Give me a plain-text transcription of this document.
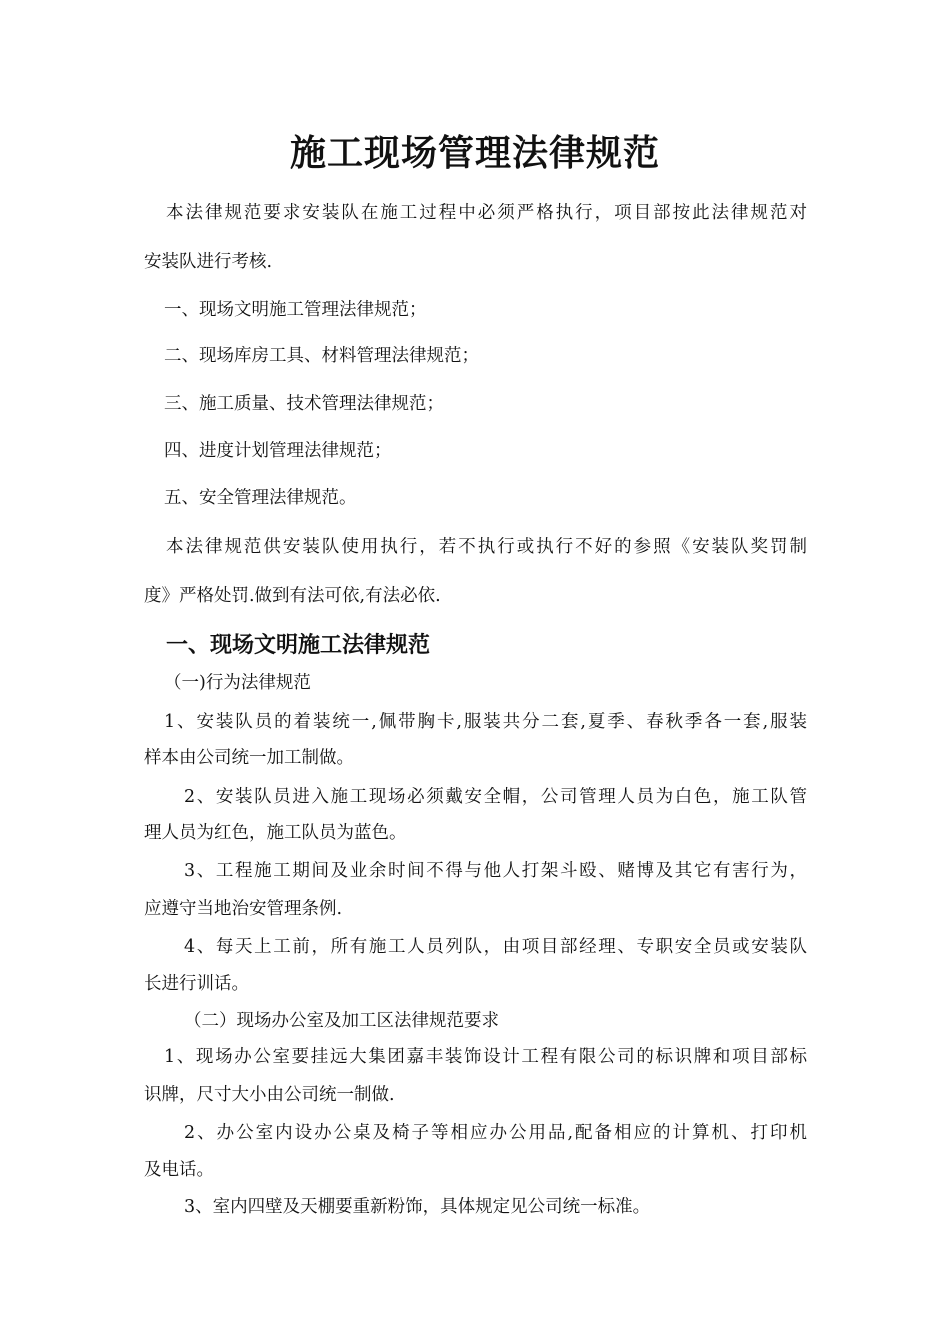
施工现场管理法律规范

本法律规范要求安装队在施工过程中必须严格执行，项目部按此法律规范对

安装队进行考核.

一、现场文明施工管理法律规范；

二、现场库房工具、材料管理法律规范；

三、施工质量、技术管理法律规范；

四、进度计划管理法律规范；

五、安全管理法律规范。

本法律规范供安装队使用执行，若不执行或执行不好的参照《安装队奖罚制

度》严格处罚.做到有法可依,有法必依.

一、现场文明施工法律规范

（一)行为法律规范

1、安装队员的着装统一,佩带胸卡,服装共分二套,夏季、春秋季各一套,服装

样本由公司统一加工制做。

2、安装队员进入施工现场必须戴安全帽，公司管理人员为白色，施工队管

理人员为红色，施工队员为蓝色。

3、工程施工期间及业余时间不得与他人打架斗殴、赌博及其它有害行为，

应遵守当地治安管理条例.

4、每天上工前，所有施工人员列队，由项目部经理、专职安全员或安装队

长进行训话。

（二）现场办公室及加工区法律规范要求

1、现场办公室要挂远大集团嘉丰装饰设计工程有限公司的标识牌和项目部标

识牌，尺寸大小由公司统一制做.

2、办公室内设办公桌及椅子等相应办公用品,配备相应的计算机、打印机

及电话。

3、室内四壁及天棚要重新粉饰，具体规定见公司统一标准。
